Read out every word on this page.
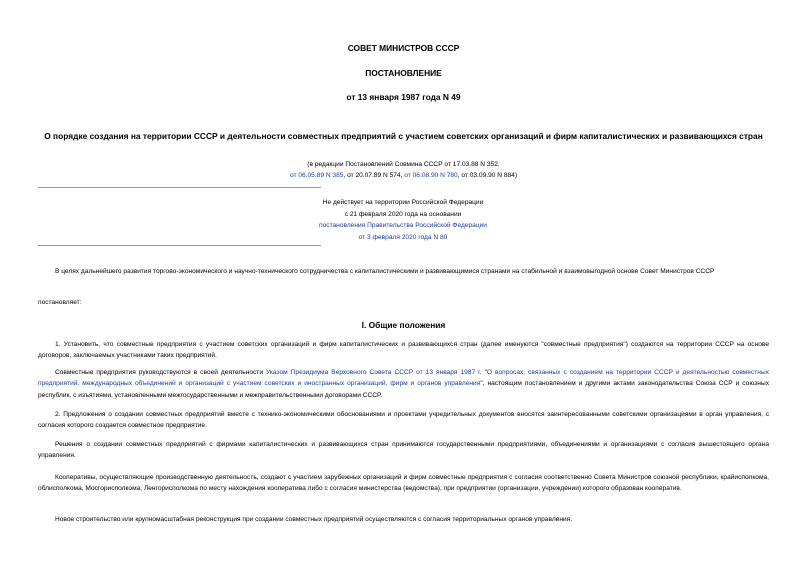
СОВЕТ МИНИСТРОВ СССР
ПОСТАНОВЛЕНИЕ
от 13 января 1987 года N 49
О порядке создания на территории СССР и деятельности совместных предприятий с участием советских организаций и фирм капиталистических и развивающихся стран
(в редакции Постановлений Совмина СССР от 17.03.88 N 352,
от 06.05.89 N 385, от 20.07.89 N 574, от 06.08.90 N 780, от 03.09.90 N 884)
Не действует на территории Российской Федерации
с 21 февраля 2020 года на основании
постановления Правительства Российской Федерации
от 3 февраля 2020 года N 80

В целях дальнейшего развития торгово-экономического и научно-технического сотрудничества с капиталистическими и развивающимися странами на стабильной и взаимовыгодной основе Совет Министров СССР

постановляет:

I. Общие положения

1. Установить, что совместные предприятия с участием советских организаций и фирм капиталистических и развивающихся стран (далее именуются "совместные предприятия") создаются на территории СССР на основе договоров, заключаемых участниками таких предприятий.

Совместные предприятия руководствуются в своей деятельности Указом Президиума Верховного Совета СССР от 13 января 1987 г. "О вопросах, связанных с созданием на территории СССР и деятельностью совместных предприятий, международных объединений и организаций с участием советских и иностранных организаций, фирм и органов управления", настоящим постановлением и другими актами законодательства Союза ССР и союзных республик, с изъятиями, установленными межгосударственными и межправительственными договорами СССР.

2. Предложения о создании совместных предприятий вместе с технико-экономическими обоснованиями и проектами учредительных документов вносятся заинтересованными советскими организациями в орган управления, с согласия которого создается совместное предприятие.

Решения о создании совместных предприятий с фирмами капиталистических и развивающихся стран принимаются государственными предприятиями, объединениями и организациями с согласия вышестоящего органа управления.

Кооперативы, осуществляющие производственную деятельность, создают с участием зарубежных организаций и фирм совместные предприятия с согласия соответственно Совета Министров союзной республики, крайисполкома, облисполкома, Мосгорисполкома, Ленгорисполкома по месту нахождения кооператива либо с согласия министерства (ведомства), при предприятии (организации, учреждении) которого образован кооператив.

Новое строительство или крупномасштабная реконструкция при создании совместных предприятий осуществляются с согласия территориальных органов управления.
